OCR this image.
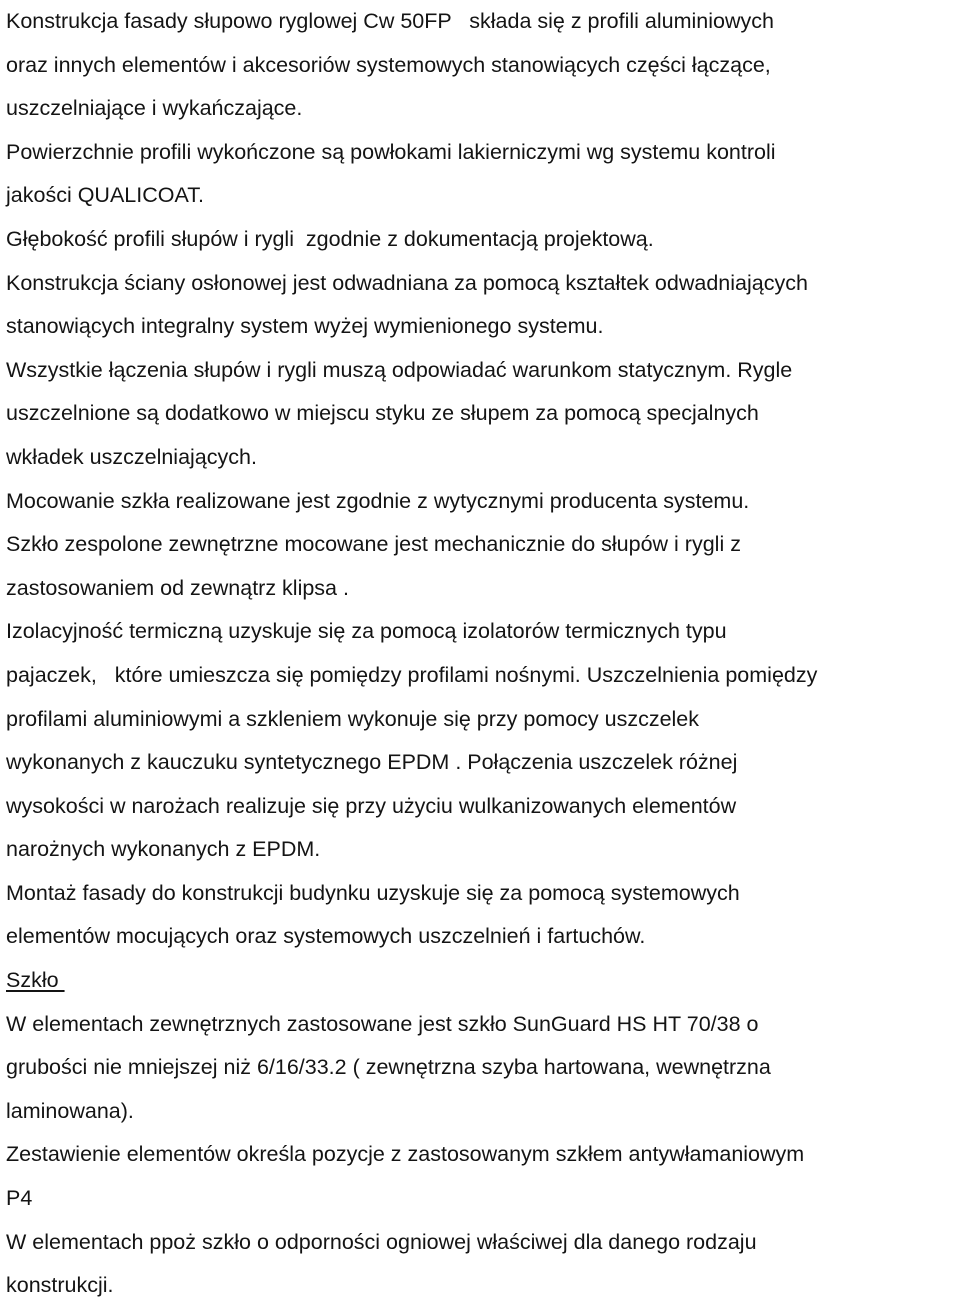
Konstrukcja fasady słupowo ryglowej Cw 50FP   składa się z profili aluminiowych
oraz innych elementów i akcesoriów systemowych stanowiących części łączące,
uszczelniające i wykańczające.
Powierzchnie profili wykończone są powłokami lakierniczymi wg systemu kontroli
jakości QUALICOAT.
Głębokość profili słupów i rygli  zgodnie z dokumentacją projektową.
Konstrukcja ściany osłonowej jest odwadniana za pomocą kształtek odwadniających
stanowiących integralny system wyżej wymienionego systemu.
Wszystkie łączenia słupów i rygli muszą odpowiadać warunkom statycznym. Rygle
uszczelnione są dodatkowo w miejscu styku ze słupem za pomocą specjalnych
wkładek uszczelniających.
Mocowanie szkła realizowane jest zgodnie z wytycznymi producenta systemu.
Szkło zespolone zewnętrzne mocowane jest mechanicznie do słupów i rygli z
zastosowaniem od zewnątrz klipsa .
Izolacyjność termiczną uzyskuje się za pomocą izolatorów termicznych typu
pajaczek,   które umieszcza się pomiędzy profilami nośnymi. Uszczelnienia pomiędzy
profilami aluminiowymi a szkleniem wykonuje się przy pomocy uszczelek
wykonanych z kauczuku syntetycznego EPDM . Połączenia uszczelek różnej
wysokości w narożach realizuje się przy użyciu wulkanizowanych elementów
narożnych wykonanych z EPDM.
Montaż fasady do konstrukcji budynku uzyskuje się za pomocą systemowych
elementów mocujących oraz systemowych uszczelnień i fartuchów.
Szkło
W elementach zewnętrznych zastosowane jest szkło SunGuard HS HT 70/38 o
grubości nie mniejszej niż 6/16/33.2 ( zewnętrzna szyba hartowana, wewnętrzna
laminowana).
Zestawienie elementów określa pozycje z zastosowanym szkłem antywłamaniowym
P4
W elementach ppoż szkło o odporności ogniowej właściwej dla danego rodzaju
konstrukcji.
